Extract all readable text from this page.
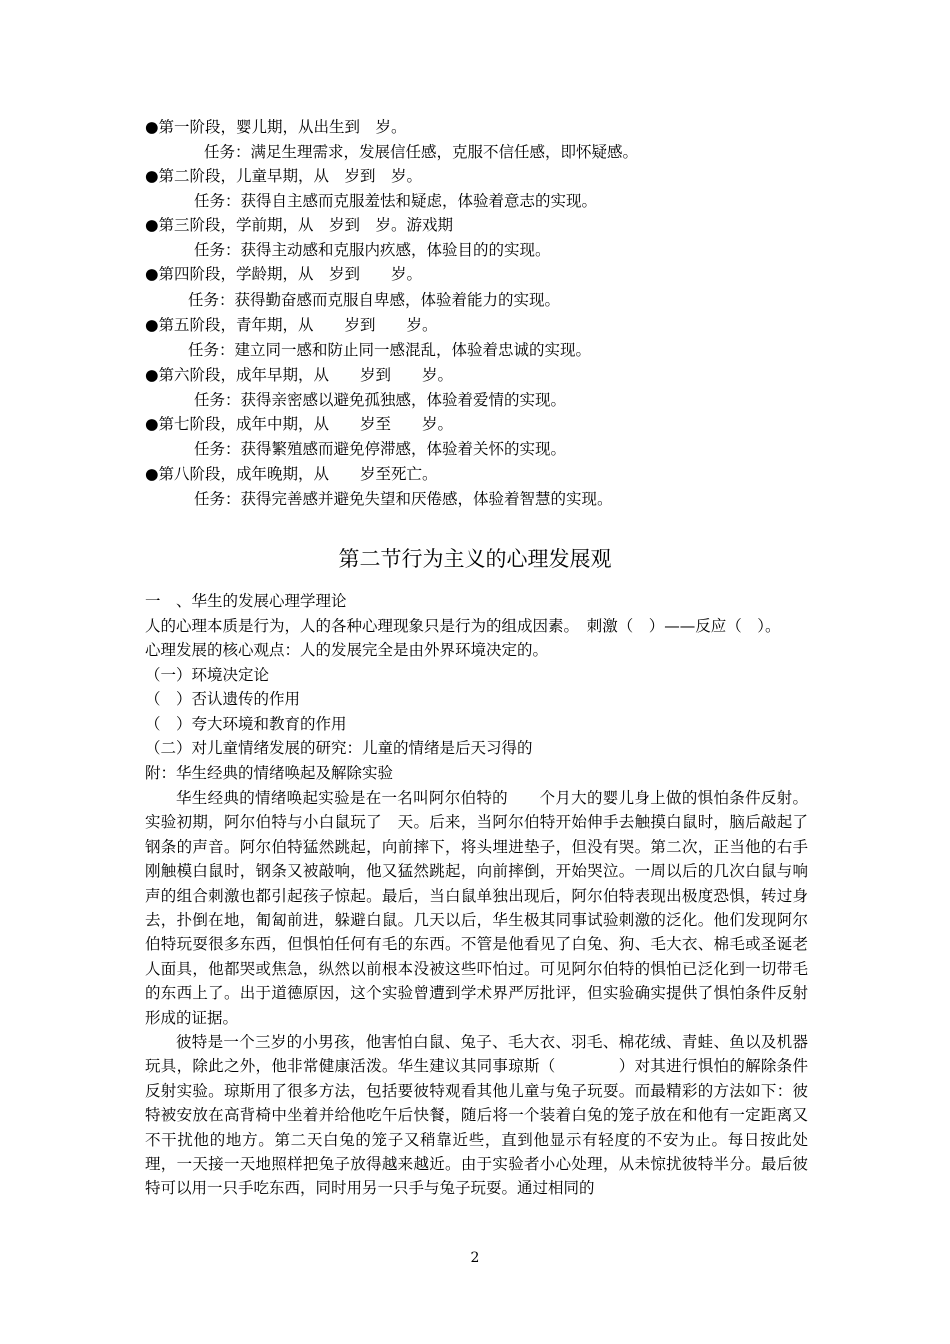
●第一阶段，婴儿期，从出生到　岁。
任务：满足生理需求，发展信任感，克服不信任感，即怀疑感。
●第二阶段，儿童早期，从　岁到　岁。
任务：获得自主感而克服羞怯和疑虑，体验着意志的实现。
●第三阶段，学前期，从　岁到　岁。游戏期
任务：获得主动感和克服内疚感，体验目的的实现。
●第四阶段，学龄期，从　岁到　　岁。
任务：获得勤奋感而克服自卑感，体验着能力的实现。
●第五阶段，青年期，从　　岁到　　岁。
任务：建立同一感和防止同一感混乱，体验着忠诚的实现。
●第六阶段，成年早期，从　　岁到　　岁。
任务：获得亲密感以避免孤独感，体验着爱情的实现。
●第七阶段，成年中期，从　　岁至　　岁。
任务：获得繁殖感而避免停滞感，体验着关怀的实现。
●第八阶段，成年晚期，从　　岁至死亡。
任务：获得完善感并避免失望和厌倦感，体验着智慧的实现。
第二节行为主义的心理发展观
一　、华生的发展心理学理论
人的心理本质是行为，人的各种心理现象只是行为的组成因素。　刺激（　）——反应（　）。
心理发展的核心观点：人的发展完全是由外界环境决定的。
（一）环境决定论
（　）否认遗传的作用
（　）夸大环境和教育的作用
（二）对儿童情绪发展的研究：儿童的情绪是后天习得的
附：华生经典的情绪唤起及解除实验

华生经典的情绪唤起实验是在一名叫阿尔伯特的　　个月大的婴儿身上做的惧怕条件反射。实验初期，阿尔伯特与小白鼠玩了　天。后来，当阿尔伯特开始伸手去触摸白鼠时，脑后敲起了钢条的声音。阿尔伯特猛然跳起，向前摔下，将头埋进垫子，但没有哭。第二次，正当他的右手刚触模白鼠时，钢条又被敲响，他又猛然跳起，向前摔倒，开始哭泣。一周以后的几次白鼠与响声的组合刺激也都引起孩子惊起。最后，当白鼠单独出现后，阿尔伯特表现出极度恐惧，转过身去，扑倒在地，匍匐前进，躲避白鼠。几天以后，华生极其同事试验刺激的泛化。他们发现阿尔伯特玩耍很多东西，但惧怕任何有毛的东西。不管是他看见了白兔、狗、毛大衣、棉毛或圣诞老人面具，他都哭或焦急，纵然以前根本没被这些吓怕过。可见阿尔伯特的惧怕已泛化到一切带毛的东西上了。出于道德原因，这个实验曾遭到学术界严厉批评，但实验确实提供了惧怕条件反射形成的证据。

彼特是一个三岁的小男孩，他害怕白鼠、兔子、毛大衣、羽毛、棉花绒、青蛙、鱼以及机器玩具，除此之外，他非常健康活泼。华生建议其同事琼斯（　　　　）对其进行惧怕的解除条件反射实验。琼斯用了很多方法，包括要彼特观看其他儿童与兔子玩耍。而最精彩的方法如下：彼特被安放在高背椅中坐着并给他吃午后快餐，随后将一个装着白兔的笼子放在和他有一定距离又不干扰他的地方。第二天白兔的笼子又稍靠近些，直到他显示有轻度的不安为止。每日按此处理，一天接一天地照样把兔子放得越来越近。由于实验者小心处理，从未惊扰彼特半分。最后彼特可以用一只手吃东西，同时用另一只手与兔子玩耍。通过相同的

2
